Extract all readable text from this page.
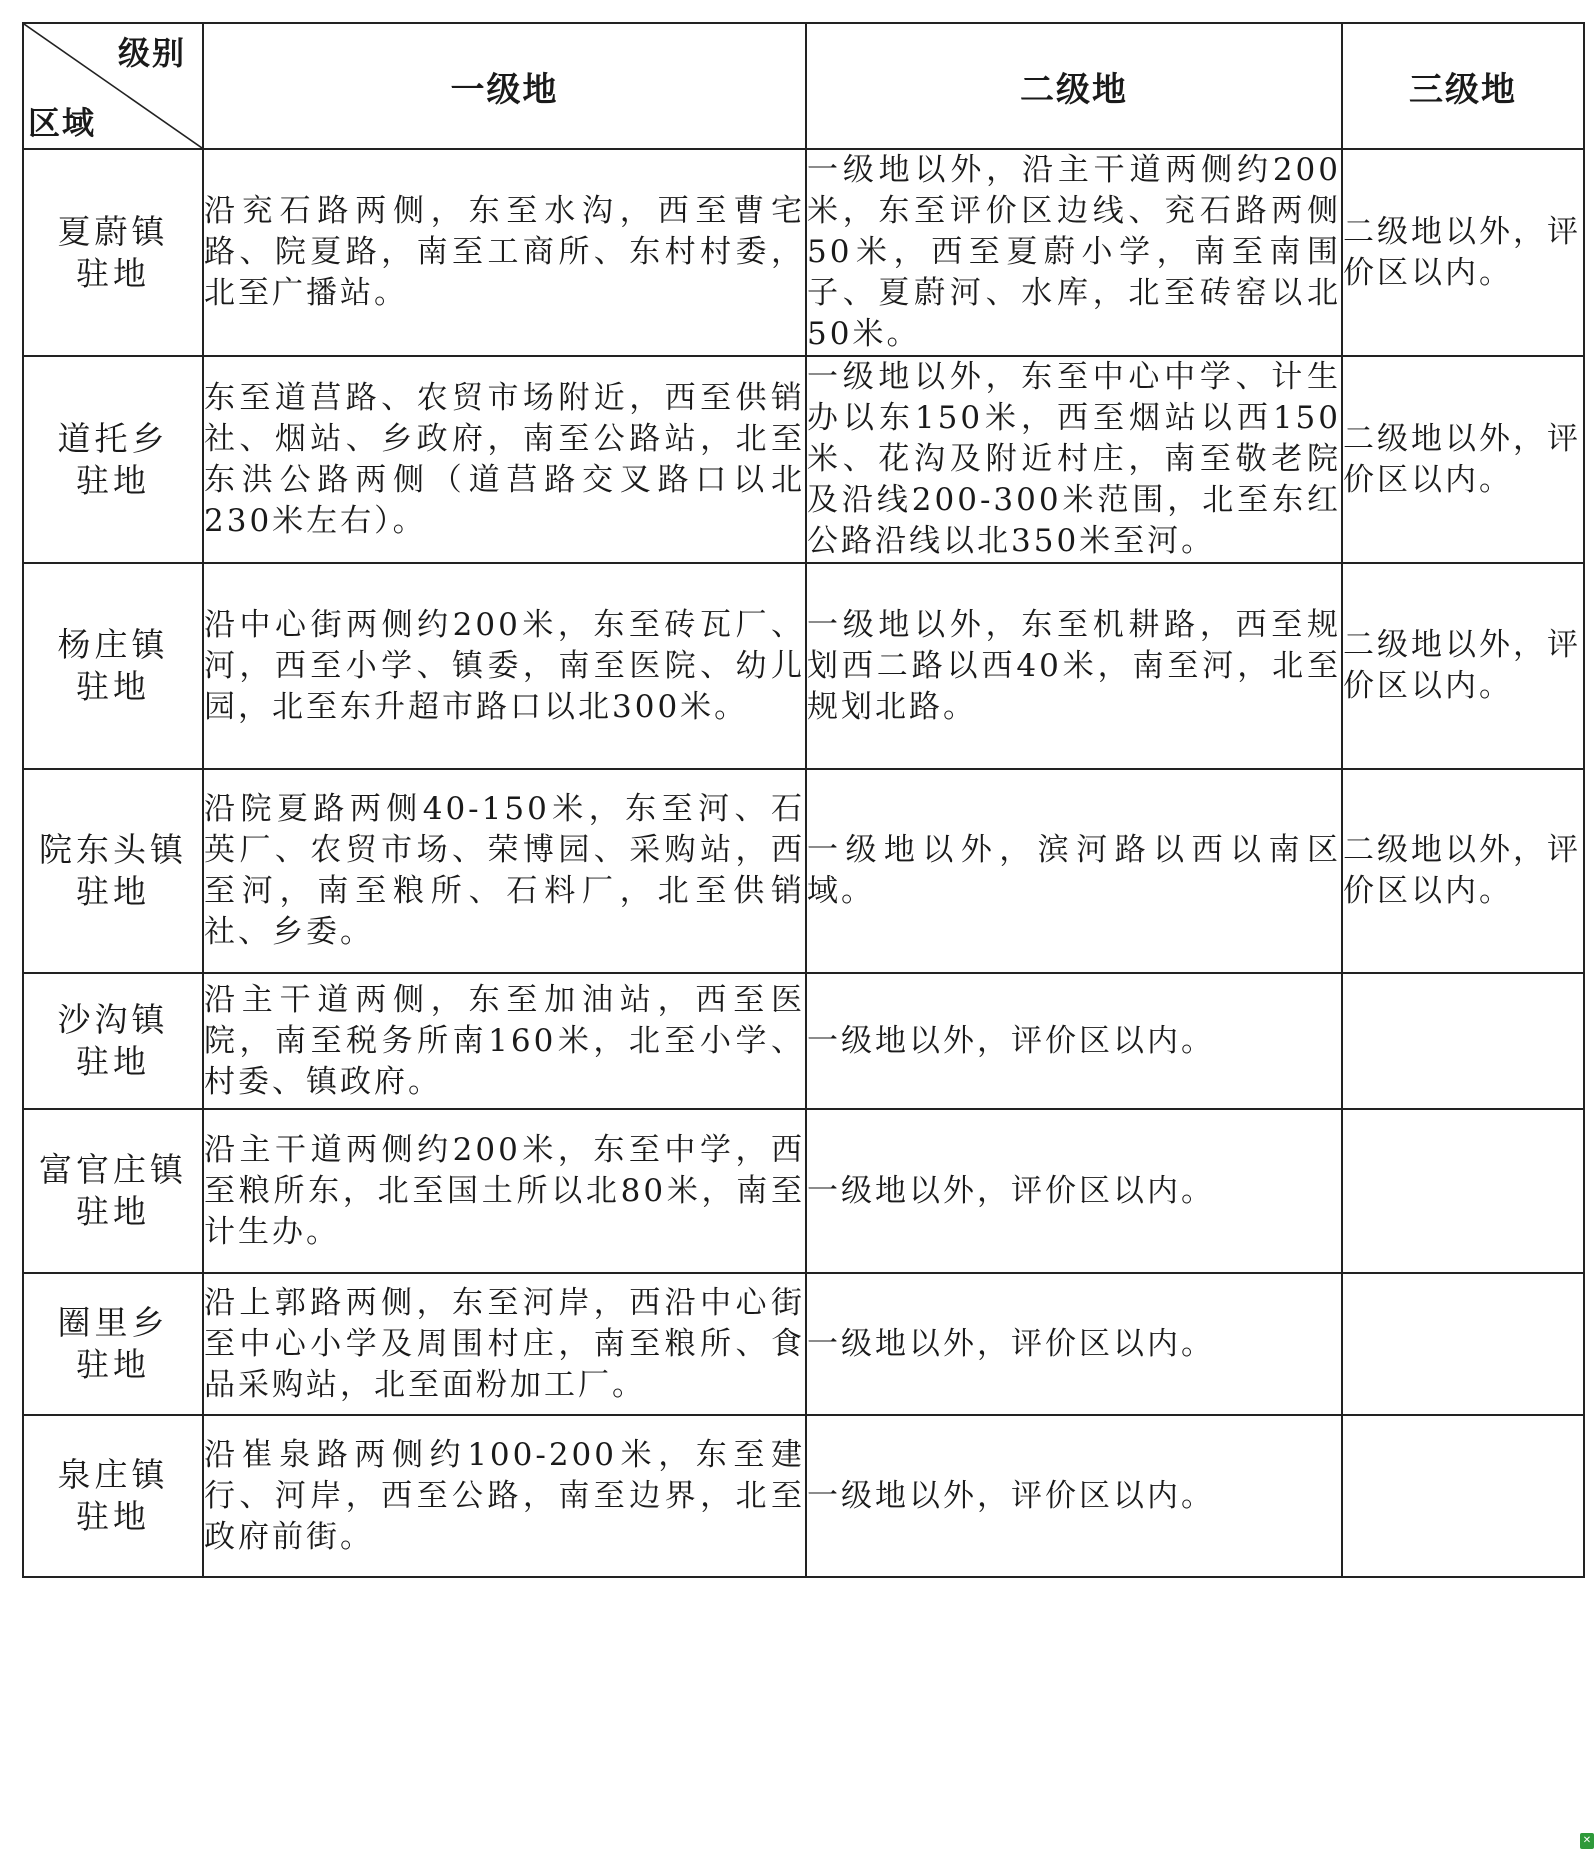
级别
区域	一级地	二级地	三级地

夏蔚镇
驻地	沿兖石路两侧，东至水沟，西至曹宅路、院夏路，南至工商所、东村村委，北至广播站。	一级地以外，沿主干道两侧约200米，东至评价区边线、兖石路两侧50米，西至夏蔚小学，南至南围子、夏蔚河、水库，北至砖窑以北50米。	二级地以外，评价区以内。

道托乡
驻地	东至道莒路、农贸市场附近，西至供销社、烟站、乡政府，南至公路站，北至东洪公路两侧（道莒路交叉路口以北230米左右）。	一级地以外，东至中心中学、计生办以东150米，西至烟站以西150米、花沟及附近村庄，南至敬老院及沿线200-300米范围，北至东红公路沿线以北350米至河。	二级地以外，评价区以内。

杨庄镇
驻地	沿中心街两侧约200米，东至砖瓦厂、河，西至小学、镇委，南至医院、幼儿园，北至东升超市路口以北300米。	一级地以外，东至机耕路，西至规划西二路以西40米，南至河，北至规划北路。	二级地以外，评价区以内。

院东头镇
驻地	沿院夏路两侧40-150米，东至河、石英厂、农贸市场、荣博园、采购站，西至河，南至粮所、石料厂，北至供销社、乡委。	一级地以外，滨河路以西以南区域。	二级地以外，评价区以内。

沙沟镇
驻地	沿主干道两侧，东至加油站，西至医院，南至税务所南160米，北至小学、村委、镇政府。	一级地以外，评价区以内。	

富官庄镇
驻地	沿主干道两侧约200米，东至中学，西至粮所东，北至国土所以北80米，南至计生办。	一级地以外，评价区以内。	

圈里乡
驻地	沿上郭路两侧，东至河岸，西沿中心街至中心小学及周围村庄，南至粮所、食品采购站，北至面粉加工厂。	一级地以外，评价区以内。	

泉庄镇
驻地	沿崔泉路两侧约100-200米，东至建行、河岸，西至公路，南至边界，北至政府前街。	一级地以外，评价区以内。	
✕
